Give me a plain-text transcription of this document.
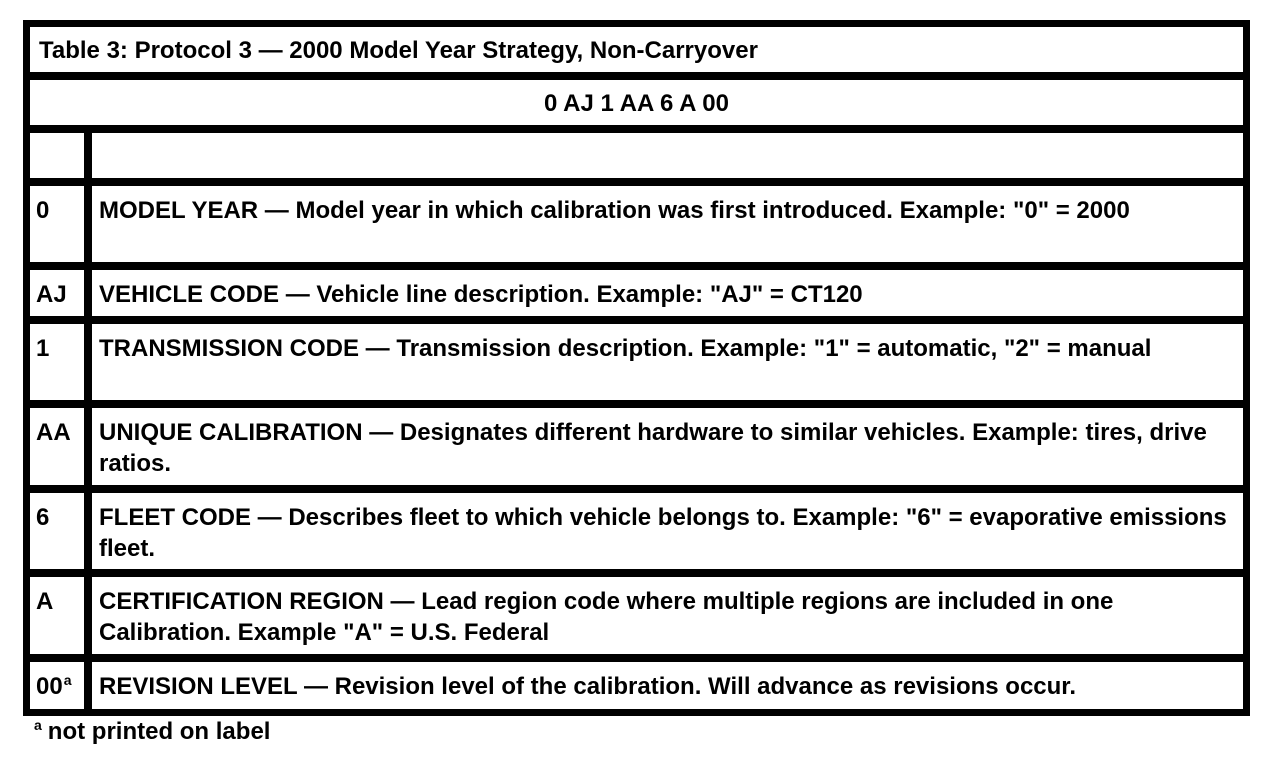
Table 3: Protocol 3 — 2000 Model Year Strategy, Non-Carryover
0 AJ 1 AA 6 A 00
0	MODEL YEAR — Model year in which calibration was first introduced. Example: "0" = 2000
AJ	VEHICLE CODE — Vehicle line description. Example: "AJ" = CT120
1	TRANSMISSION CODE — Transmission description. Example: "1" = automatic, "2" = manual
AA	UNIQUE CALIBRATION — Designates different hardware to similar vehicles. Example: tires, drive ratios.
6	FLEET CODE — Describes fleet to which vehicle belongs to. Example: "6" = evaporative emissions fleet.
A	CERTIFICATION REGION — Lead region code where multiple regions are included in one Calibration. Example "A" = U.S. Federal
00$^a$	REVISION LEVEL — Revision level of the calibration. Will advance as revisions occur.
$^a$ not printed on label
